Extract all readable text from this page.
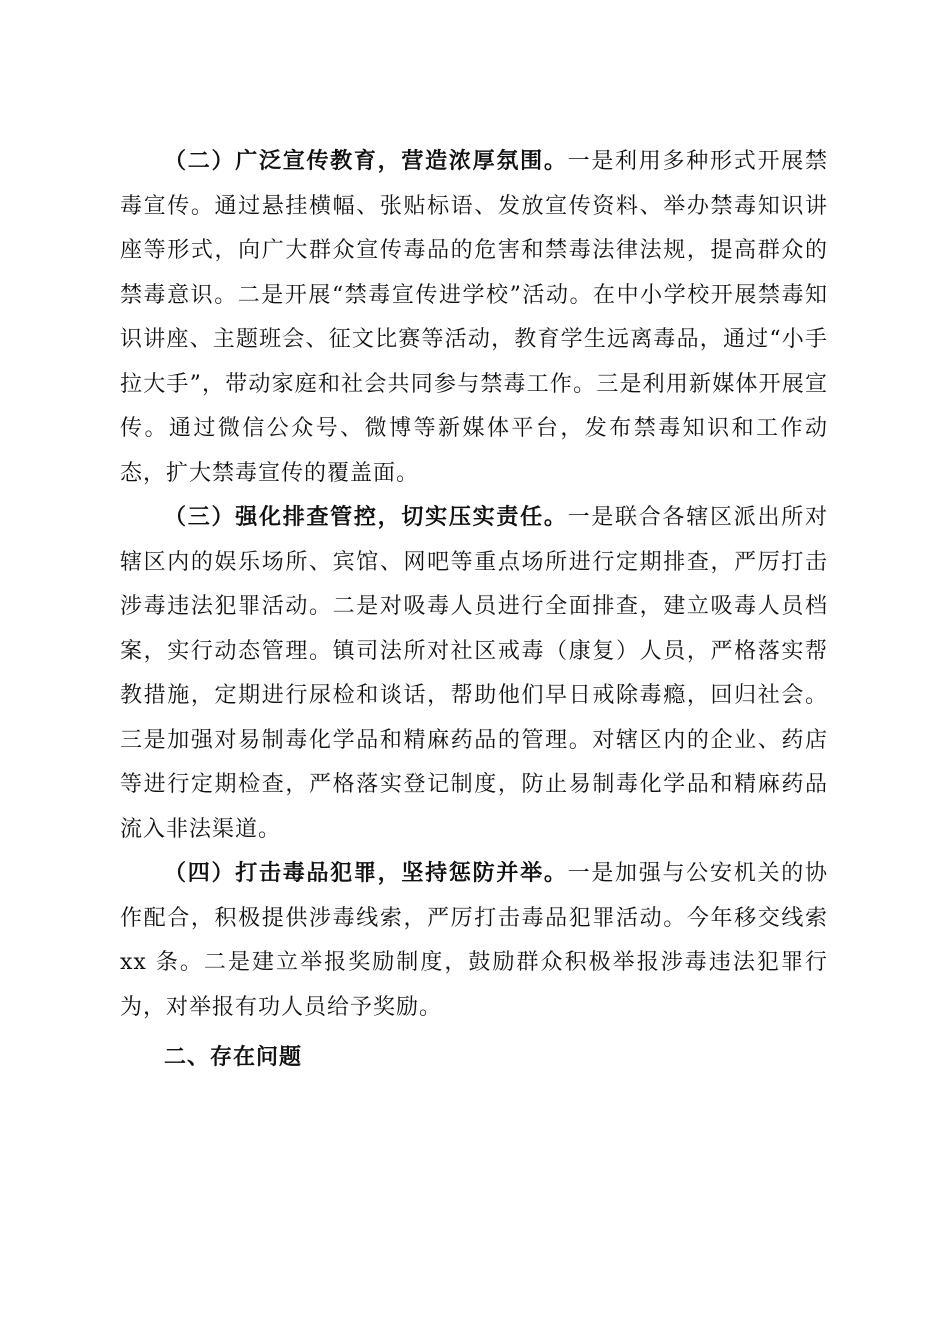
（二）广泛宣传教育，营造浓厚氛围。一是利用多种形式开展禁毒宣传。通过悬挂横幅、张贴标语、发放宣传资料、举办禁毒知识讲座等形式，向广大群众宣传毒品的危害和禁毒法律法规，提高群众的禁毒意识。二是开展“禁毒宣传进学校”活动。在中小学校开展禁毒知识讲座、主题班会、征文比赛等活动，教育学生远离毒品，通过“小手拉大手”，带动家庭和社会共同参与禁毒工作。三是利用新媒体开展宣传。通过微信公众号、微博等新媒体平台，发布禁毒知识和工作动态，扩大禁毒宣传的覆盖面。

（三）强化排查管控，切实压实责任。一是联合各辖区派出所对辖区内的娱乐场所、宾馆、网吧等重点场所进行定期排查，严厉打击涉毒违法犯罪活动。二是对吸毒人员进行全面排查，建立吸毒人员档案，实行动态管理。镇司法所对社区戒毒（康复）人员，严格落实帮教措施，定期进行尿检和谈话，帮助他们早日戒除毒瘾，回归社会。三是加强对易制毒化学品和精麻药品的管理。对辖区内的企业、药店等进行定期检查，严格落实登记制度，防止易制毒化学品和精麻药品流入非法渠道。

（四）打击毒品犯罪，坚持惩防并举。一是加强与公安机关的协作配合，积极提供涉毒线索，严厉打击毒品犯罪活动。今年移交线索 xx 条。二是建立举报奖励制度，鼓励群众积极举报涉毒违法犯罪行为，对举报有功人员给予奖励。

二、存在问题
